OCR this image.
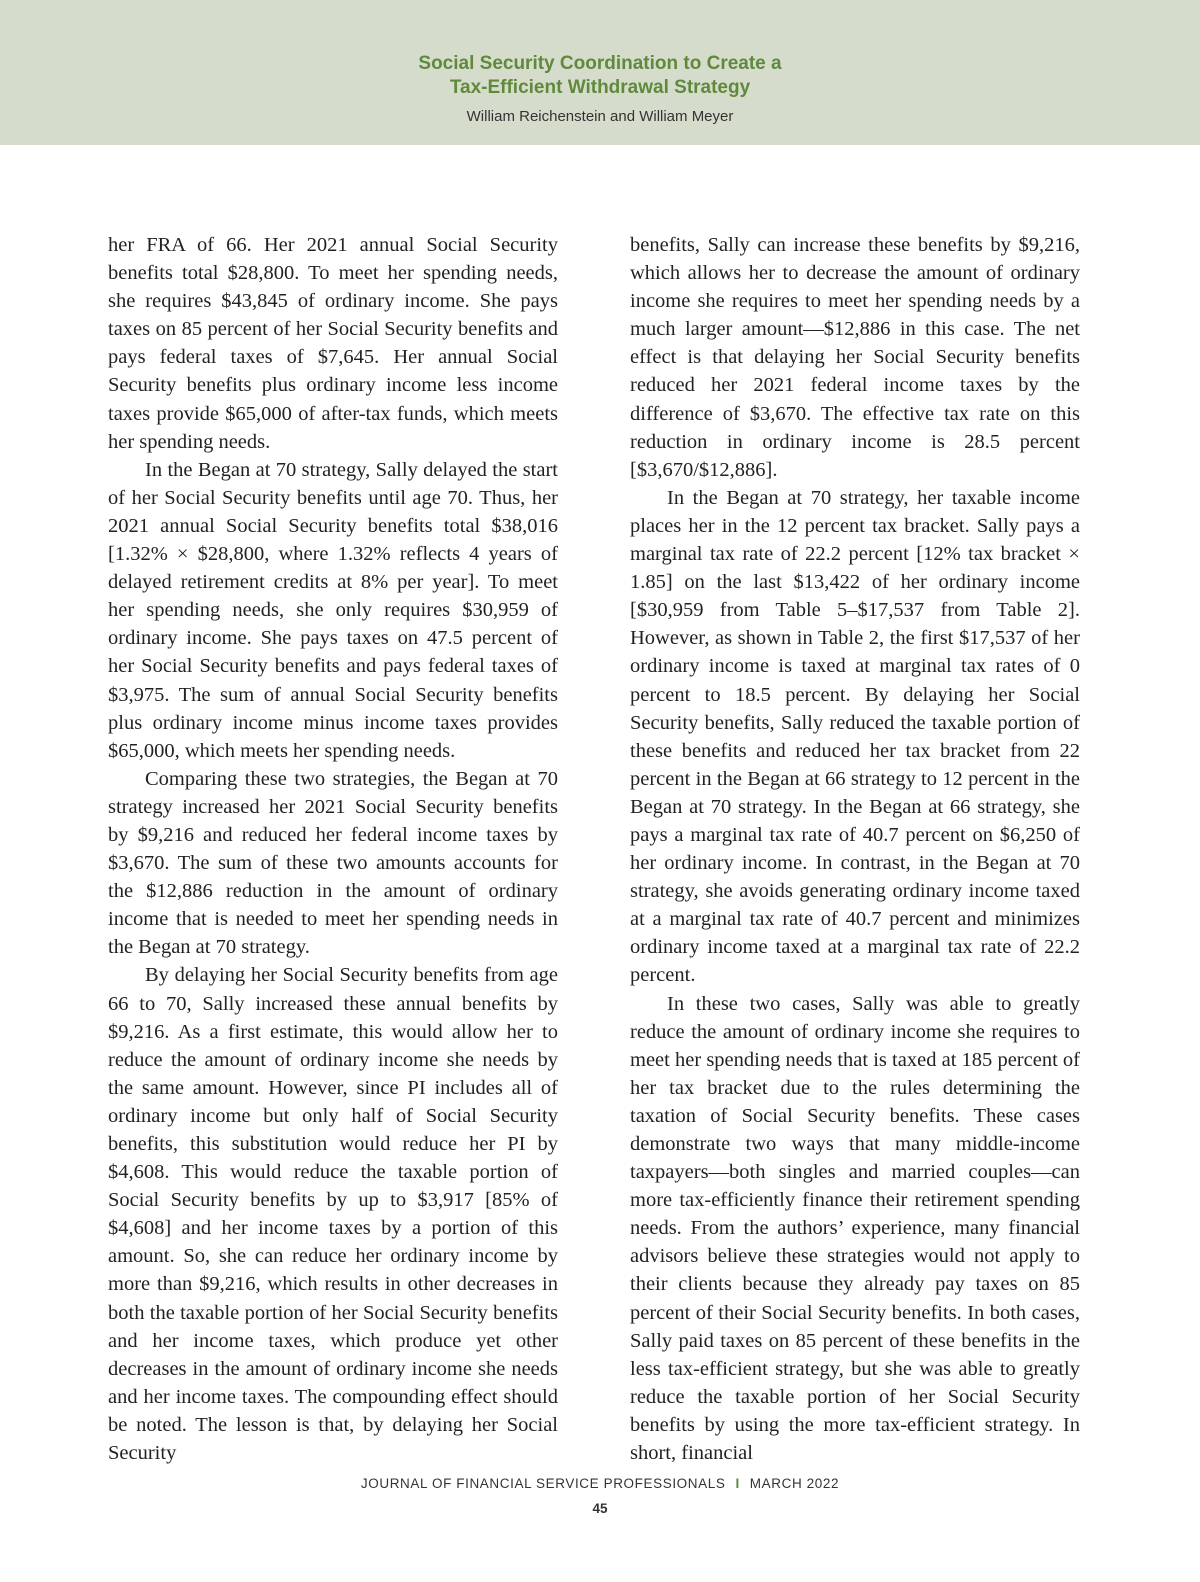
Social Security Coordination to Create a
Tax-Efficient Withdrawal Strategy
William Reichenstein and William Meyer

her FRA of 66. Her 2021 annual Social Security benefits total $28,800. To meet her spending needs, she requires $43,845 of ordinary income. She pays taxes on 85 percent of her Social Security benefits and pays federal taxes of $7,645. Her annual Social Security benefits plus ordinary income less income taxes provide $65,000 of after-tax funds, which meets her spending needs.

In the Began at 70 strategy, Sally delayed the start of her Social Security benefits until age 70. Thus, her 2021 annual Social Security benefits total $38,016 [1.32% × $28,800, where 1.32% reflects 4 years of delayed retirement credits at 8% per year]. To meet her spending needs, she only requires $30,959 of ordinary income. She pays taxes on 47.5 percent of her Social Security benefits and pays federal taxes of $3,975. The sum of annual Social Security benefits plus ordinary income minus income taxes provides $65,000, which meets her spending needs.

Comparing these two strategies, the Began at 70 strategy increased her 2021 Social Security benefits by $9,216 and reduced her federal income taxes by $3,670. The sum of these two amounts accounts for the $12,886 reduction in the amount of ordinary income that is needed to meet her spending needs in the Began at 70 strategy.

By delaying her Social Security benefits from age 66 to 70, Sally increased these annual benefits by $9,216. As a first estimate, this would allow her to reduce the amount of ordinary income she needs by the same amount. However, since PI includes all of ordinary income but only half of Social Security benefits, this substitution would reduce her PI by $4,608. This would reduce the taxable portion of Social Security benefits by up to $3,917 [85% of $4,608] and her income taxes by a portion of this amount. So, she can reduce her ordinary income by more than $9,216, which results in other decreases in both the taxable portion of her Social Security benefits and her income taxes, which produce yet other decreases in the amount of ordinary income she needs and her income taxes. The compounding effect should be noted. The lesson is that, by delaying her Social Security

benefits, Sally can increase these benefits by $9,216, which allows her to decrease the amount of ordinary income she requires to meet her spending needs by a much larger amount—$12,886 in this case. The net effect is that delaying her Social Security benefits reduced her 2021 federal income taxes by the difference of $3,670. The effective tax rate on this reduction in ordinary income is 28.5 percent [$3,670/$12,886].

In the Began at 70 strategy, her taxable income places her in the 12 percent tax bracket. Sally pays a marginal tax rate of 22.2 percent [12% tax bracket × 1.85] on the last $13,422 of her ordinary income [$30,959 from Table 5–$17,537 from Table 2]. However, as shown in Table 2, the first $17,537 of her ordinary income is taxed at marginal tax rates of 0 percent to 18.5 percent. By delaying her Social Security benefits, Sally reduced the taxable portion of these benefits and reduced her tax bracket from 22 percent in the Began at 66 strategy to 12 percent in the Began at 70 strategy. In the Began at 66 strategy, she pays a marginal tax rate of 40.7 percent on $6,250 of her ordinary income. In contrast, in the Began at 70 strategy, she avoids generating ordinary income taxed at a marginal tax rate of 40.7 percent and minimizes ordinary income taxed at a marginal tax rate of 22.2 percent.

In these two cases, Sally was able to greatly reduce the amount of ordinary income she requires to meet her spending needs that is taxed at 185 percent of her tax bracket due to the rules determining the taxation of Social Security benefits. These cases demonstrate two ways that many middle-income taxpayers—both singles and married couples—can more tax-efficiently finance their retirement spending needs. From the authors’ experience, many financial advisors believe these strategies would not apply to their clients because they already pay taxes on 85 percent of their Social Security benefits. In both cases, Sally paid taxes on 85 percent of these benefits in the less tax-efficient strategy, but she was able to greatly reduce the taxable portion of her Social Security benefits by using the more tax-efficient strategy. In short, financial

JOURNAL OF FINANCIAL SERVICE PROFESSIONALS I MARCH 2022
45
